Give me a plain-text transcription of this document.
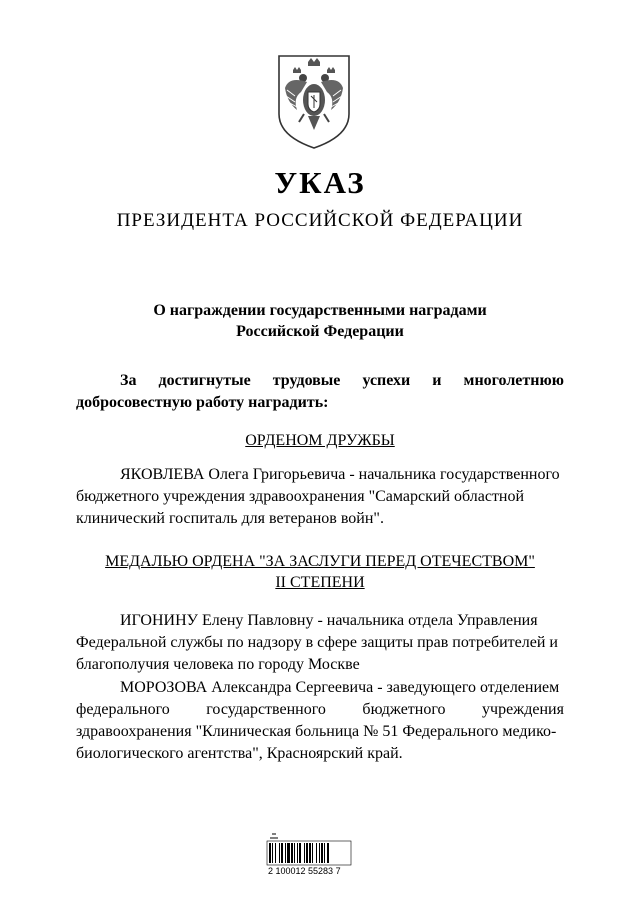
УКАЗ
ПРЕЗИДЕНТА РОССИЙСКОЙ ФЕДЕРАЦИИ
О награждении государственными наградами
Российской Федерации
За достигнутые трудовые успехи и многолетнюю
добросовестную работу наградить:
ОРДЕНОМ ДРУЖБЫ
ЯКОВЛЕВА Олега Григорьевича - начальника государственного
бюджетного учреждения здравоохранения "Самарский областной
клинический госпиталь для ветеранов войн".
МЕДАЛЬЮ ОРДЕНА "ЗА ЗАСЛУГИ ПЕРЕД ОТЕЧЕСТВОМ"
II СТЕПЕНИ
ИГОНИНУ Елену Павловну - начальника отдела Управления
Федеральной службы по надзору в сфере защиты прав потребителей и
благополучия человека по городу Москве
МОРОЗОВА Александра Сергеевича - заведующего отделением
федерального государственного бюджетного учреждения
здравоохранения "Клиническая больница № 51 Федерального медико-
биологического агентства", Красноярский край.
2 100012 55283 7
